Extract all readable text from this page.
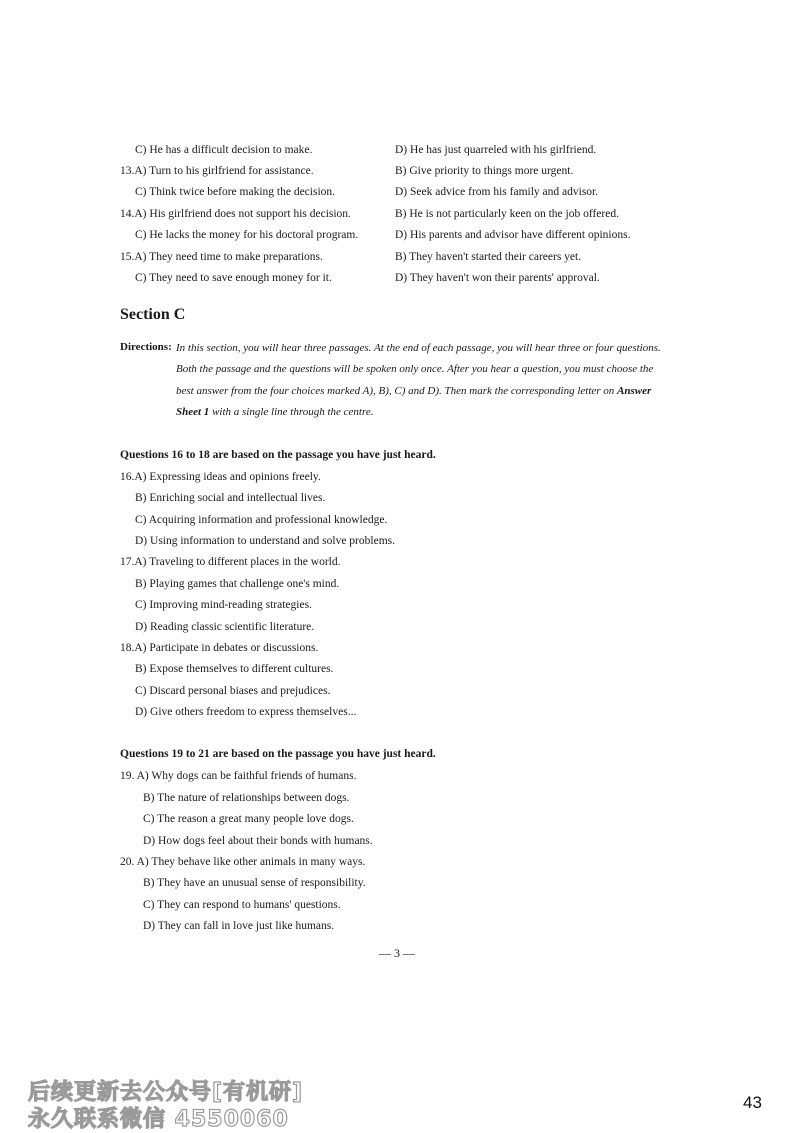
C) He has a difficult decision to make.	D) He has just quarreled with his girlfriend.
13.A) Turn to his girlfriend for assistance.	B) Give priority to things more urgent.
C) Think twice before making the decision.	D) Seek advice from his family and advisor.
14.A) His girlfriend does not support his decision.	B) He is not particularly keen on the job offered.
C) He lacks the money for his doctoral program.	D) His parents and advisor have different opinions.
15.A) They need time to make preparations.	B) They haven't started their careers yet.
C) They need to save enough money for it.	D) They haven't won their parents' approval.
Section C
Directions: In this section, you will hear three passages. At the end of each passage, you will hear three or four questions.
Both the passage and the questions will be spoken only once. After you hear a question, you must choose the
best answer from the four choices marked A), B), C) and D). Then mark the corresponding letter on Answer
Sheet 1 with a single line through the centre.
Questions 16 to 18 are based on the passage you have just heard.
16.A) Expressing ideas and opinions freely.
B) Enriching social and intellectual lives.
C) Acquiring information and professional knowledge.
D) Using information to understand and solve problems.
17.A) Traveling to different places in the world.
B) Playing games that challenge one's mind.
C) Improving mind-reading strategies.
D) Reading classic scientific literature.
18.A) Participate in debates or discussions.
B) Expose themselves to different cultures.
C) Discard personal biases and prejudices.
D) Give others freedom to express themselves...
Questions 19 to 21 are based on the passage you have just heard.
19. A) Why dogs can be faithful friends of humans.
B) The nature of relationships between dogs.
C) The reason a great many people love dogs.
D) How dogs feel about their bonds with humans.
20. A) They behave like other animals in many ways.
B) They have an unusual sense of responsibility.
C) They can respond to humans' questions.
D) They can fall in love just like humans.
— 3 —
后续更新去公众号[有机研]
永久联系微信 4550060
43
